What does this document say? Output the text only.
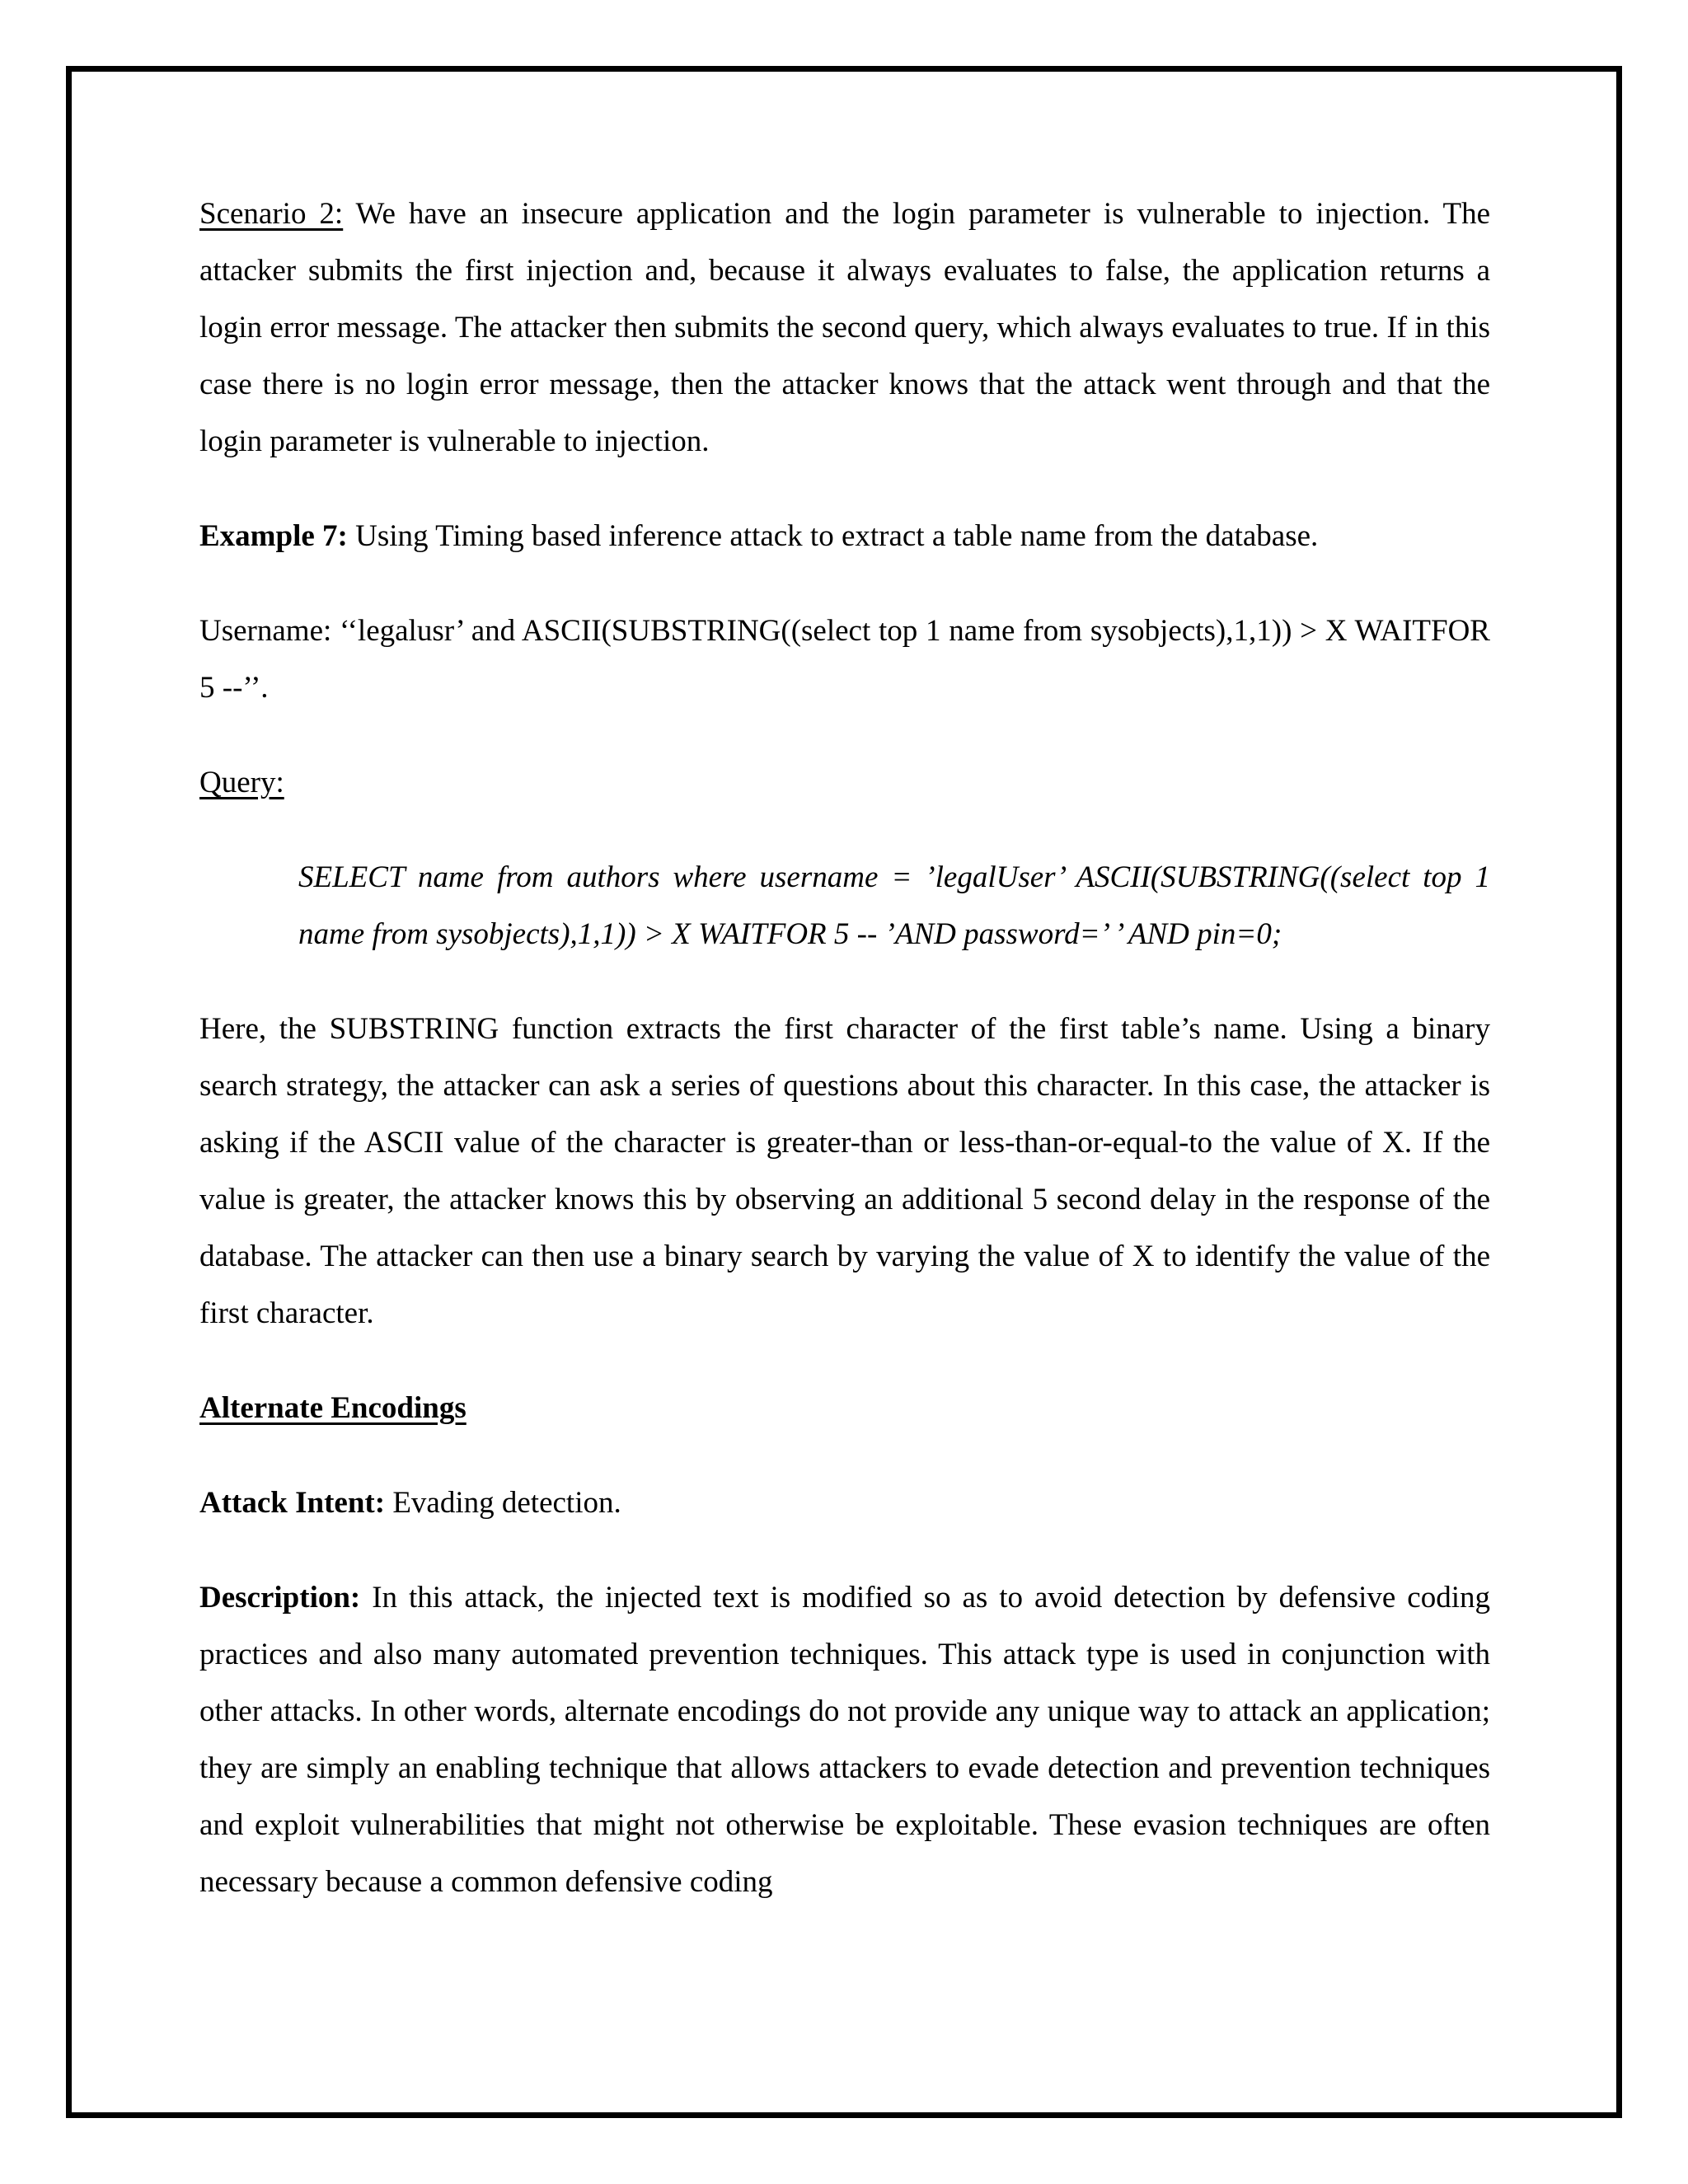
Scenario 2: We have an insecure application and the login parameter is vulnerable to injection. The attacker submits the first injection and, because it always evaluates to false, the application returns a login error message. The attacker then submits the second query, which always evaluates to true. If in this case there is no login error message, then the attacker knows that the attack went through and that the login parameter is vulnerable to injection.

Example 7: Using Timing based inference attack to extract a table name from the database.

Username: ‘‘legalusr’ and ASCII(SUBSTRING((select top 1 name from sysobjects),1,1)) > X WAITFOR 5 --’’.

Query:

SELECT name from authors where username = ’legalUser’ ASCII(SUBSTRING((select top 1 name from sysobjects),1,1)) > X WAITFOR 5 -- ’AND password=’ ’ AND pin=0;

Here, the SUBSTRING function extracts the first character of the first table’s name. Using a binary search strategy, the attacker can ask a series of questions about this character. In this case, the attacker is asking if the ASCII value of the character is greater-than or less-than-or-equal-to the value of X. If the value is greater, the attacker knows this by observing an additional 5 second delay in the response of the database. The attacker can then use a binary search by varying the value of X to identify the value of the first character.

Alternate Encodings

Attack Intent: Evading detection.

Description: In this attack, the injected text is modified so as to avoid detection by defensive coding practices and also many automated prevention techniques. This attack type is used in conjunction with other attacks. In other words, alternate encodings do not provide any unique way to attack an application; they are simply an enabling technique that allows attackers to evade detection and prevention techniques and exploit vulnerabilities that might not otherwise be exploitable. These evasion techniques are often necessary because a common defensive coding
